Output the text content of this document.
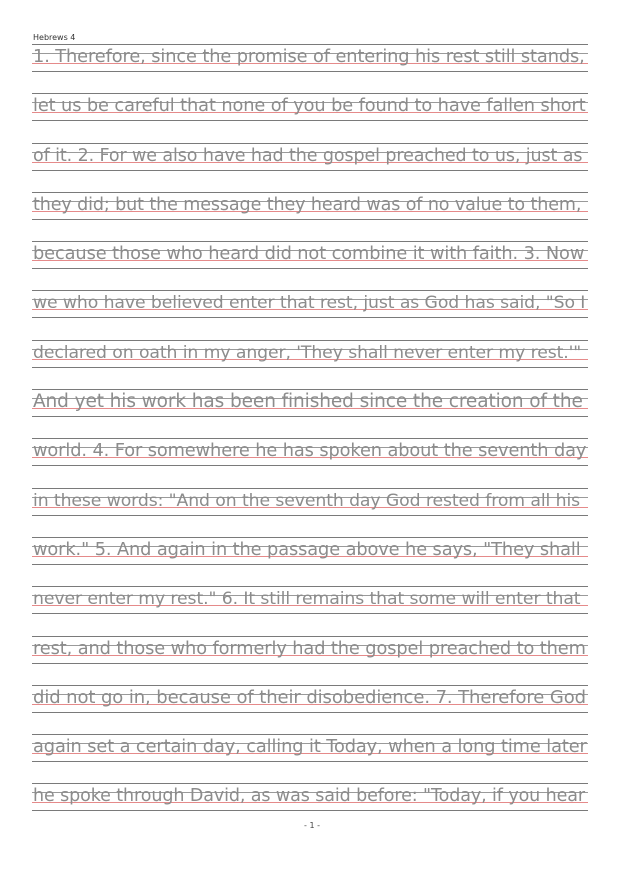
Hebrews 4
1. Therefore, since the promise of entering his rest still stands,
let us be careful that none of you be found to have fallen short
of it. 2. For we also have had the gospel preached to us, just as
they did; but the message they heard was of no value to them,
because those who heard did not combine it with faith. 3. Now
we who have believed enter that rest, just as God has said, "So I
declared on oath in my anger, 'They shall never enter my rest.'"
And yet his work has been finished since the creation of the
world. 4. For somewhere he has spoken about the seventh day
in these words: "And on the seventh day God rested from all his
work." 5. And again in the passage above he says, "They shall
never enter my rest." 6. It still remains that some will enter that
rest, and those who formerly had the gospel preached to them
did not go in, because of their disobedience. 7. Therefore God
again set a certain day, calling it Today, when a long time later
he spoke through David, as was said before: "Today, if you hear
- 1 -
